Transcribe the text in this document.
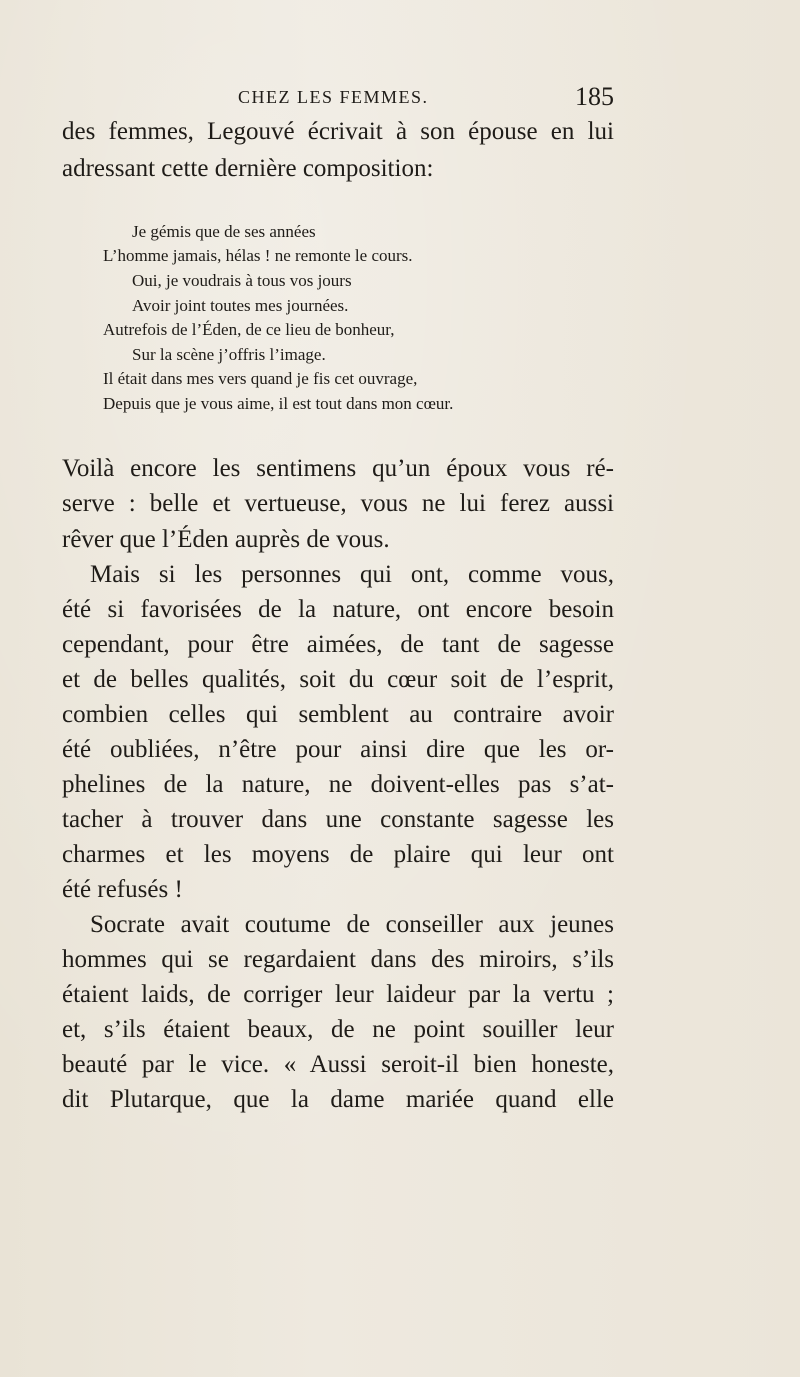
CHEZ LES FEMMES.	185
des femmes, Legouvé écrivait à son épouse en lui
adressant cette dernière composition:
Je gémis que de ses années
L’homme jamais, hélas ! ne remonte le cours.
Oui, je voudrais à tous vos jours
Avoir joint toutes mes journées.
Autrefois de l’Éden, de ce lieu de bonheur,
Sur la scène j’offris l’image.
Il était dans mes vers quand je fis cet ouvrage,
Depuis que je vous aime, il est tout dans mon cœur.
Voilà encore les sentimens qu’un époux vous ré-
serve : belle et vertueuse, vous ne lui ferez aussi
rêver que l’Éden auprès de vous.
Mais si les personnes qui ont, comme vous,
été si favorisées de la nature, ont encore besoin
cependant, pour être aimées, de tant de sagesse
et de belles qualités, soit du cœur soit de l’esprit,
combien celles qui semblent au contraire avoir
été oubliées, n’être pour ainsi dire que les or-
phelines de la nature, ne doivent-elles pas s’at-
tacher à trouver dans une constante sagesse les
charmes et les moyens de plaire qui leur ont
été refusés !
Socrate avait coutume de conseiller aux jeunes
hommes qui se regardaient dans des miroirs, s’ils
étaient laids, de corriger leur laideur par la vertu ;
et, s’ils étaient beaux, de ne point souiller leur
beauté par le vice. « Aussi seroit-il bien honeste,
dit Plutarque, que la dame mariée quand elle
